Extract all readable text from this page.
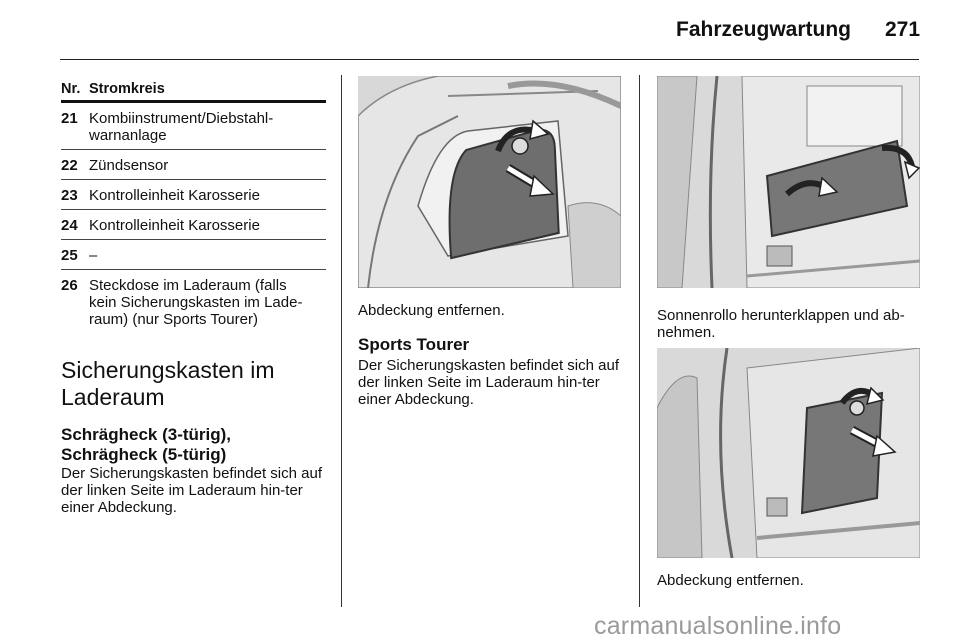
Fahrzeugwartung 271
Nr. Stromkreis
21 Kombiinstrument/Diebstahl-
warnanlage
22 Zündsensor
23 Kontrolleinheit Karosserie
24 Kontrolleinheit Karosserie
25 –
26 Steckdose im Laderaum (falls
kein Sicherungskasten im Lade-
raum) (nur Sports Tourer)
Sicherungskasten im Laderaum
Schrägheck (3-türig), Schrägheck (5-türig)
Der Sicherungskasten befindet sich auf der linken Seite im Laderaum hin-ter einer Abdeckung.
Abdeckung entfernen.
Sports Tourer
Der Sicherungskasten befindet sich auf der linken Seite im Laderaum hin-ter einer Abdeckung.
Sonnenrollo herunterklappen und ab-nehmen.
Abdeckung entfernen.
carmanualsonline.info
